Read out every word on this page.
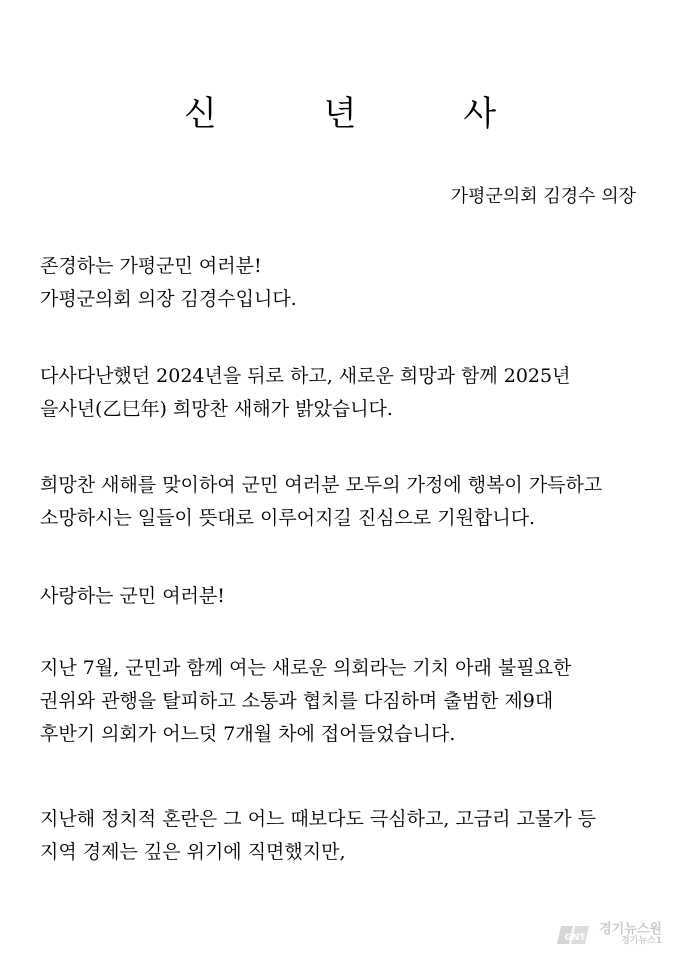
신 년 사

가평군의회 김경수 의장

존경하는 가평군민 여러분!
가평군의회 의장 김경수입니다.
다사다난했던 2024년을 뒤로 하고, 새로운 희망과 함께 2025년
을사년(乙巳年) 희망찬 새해가 밝았습니다.
희망찬 새해를 맞이하여 군민 여러분 모두의 가정에 행복이 가득하고
소망하시는 일들이 뜻대로 이루어지길 진심으로 기원합니다.
사랑하는 군민 여러분!
지난 7월, 군민과 함께 여는 새로운 의회라는 기치 아래 불필요한
권위와 관행을 탈피하고 소통과 협치를 다짐하며 출범한 제9대
후반기 의회가 어느덧 7개월 차에 접어들었습니다.
지난해 정치적 혼란은 그 어느 때보다도 극심하고, 고금리 고물가 등
지역 경제는 깊은 위기에 직면했지만,
GNT
경기뉴스원
경기뉴스1
